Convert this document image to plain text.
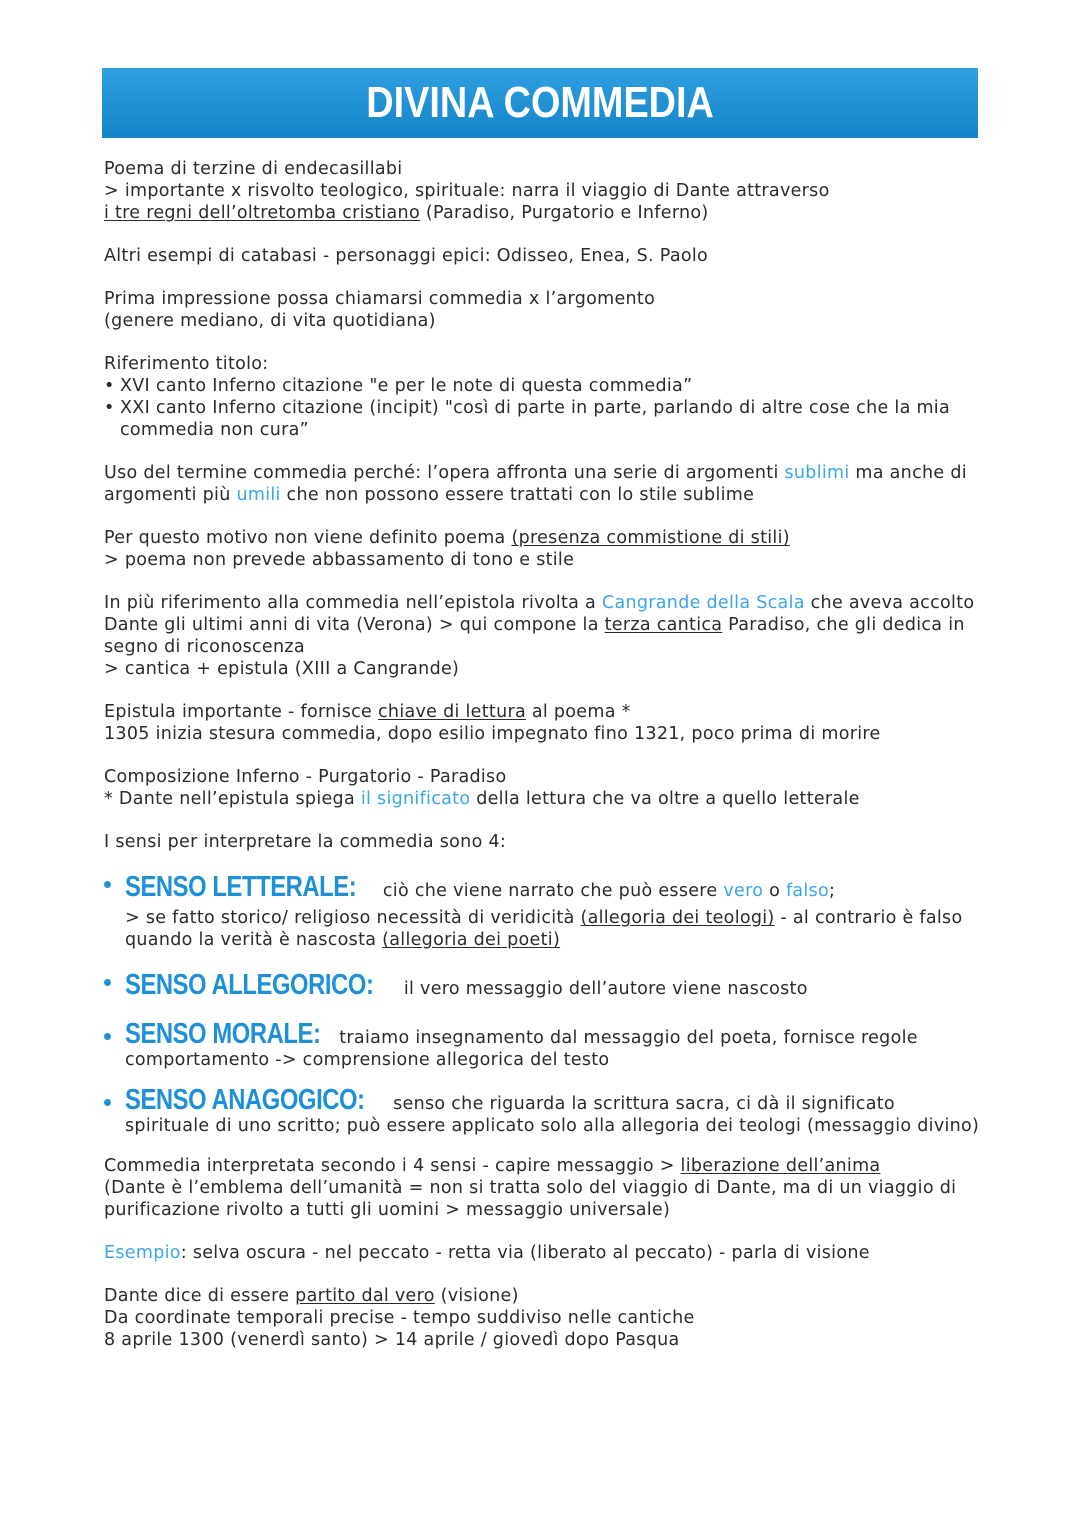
DIVINA COMMEDIA

Poema di terzine di endecasillabi
> importante x risvolto teologico, spirituale: narra il viaggio di Dante attraverso
i tre regni dell’oltretomba cristiano (Paradiso, Purgatorio e Inferno)

Altri esempi di catabasi - personaggi epici: Odisseo, Enea, S. Paolo

Prima impressione possa chiamarsi commedia x l’argomento
(genere mediano, di vita quotidiana)

Riferimento titolo:
• XVI canto Inferno citazione "e per le note di questa commedia”
• XXI canto Inferno citazione (incipit) "così di parte in parte, parlando di altre cose che la mia commedia non cura”

Uso del termine commedia perché: l’opera affronta una serie di argomenti sublimi ma anche di argomenti più umili che non possono essere trattati con lo stile sublime

Per questo motivo non viene definito poema (presenza commistione di stili)
> poema non prevede abbassamento di tono e stile

In più riferimento alla commedia nell’epistola rivolta a Cangrande della Scala che aveva accolto Dante gli ultimi anni di vita (Verona) > qui compone la terza cantica Paradiso, che gli dedica in segno di riconoscenza
> cantica + epistula (XIII a Cangrande)

Epistula importante - fornisce chiave di lettura al poema *
1305 inizia stesura commedia, dopo esilio impegnato fino 1321, poco prima di morire

Composizione Inferno - Purgatorio - Paradiso
* Dante nell’epistula spiega il significato della lettura che va oltre a quello letterale

I sensi per interpretare la commedia sono 4:

SENSO LETTERALE: ciò che viene narrato che può essere vero o falso;
> se fatto storico/ religioso necessità di veridicità (allegoria dei teologi) - al contrario è falso quando la verità è nascosta (allegoria dei poeti)
SENSO ALLEGORICO: il vero messaggio dell’autore viene nascosto
SENSO MORALE: traiamo insegnamento dal messaggio del poeta, fornisce regole comportamento -> comprensione allegorica del testo
SENSO ANAGOGICO: senso che riguarda la scrittura sacra, ci dà il significato spirituale di uno scritto; può essere applicato solo alla allegoria dei teologi (messaggio divino)

Commedia interpretata secondo i 4 sensi - capire messaggio > liberazione dell’anima
(Dante è l’emblema dell’umanità = non si tratta solo del viaggio di Dante, ma di un viaggio di purificazione rivolto a tutti gli uomini > messaggio universale)

Esempio: selva oscura - nel peccato - retta via (liberato al peccato) - parla di visione

Dante dice di essere partito dal vero (visione)
Da coordinate temporali precise - tempo suddiviso nelle cantiche
8 aprile 1300 (venerdì santo) > 14 aprile / giovedì dopo Pasqua
